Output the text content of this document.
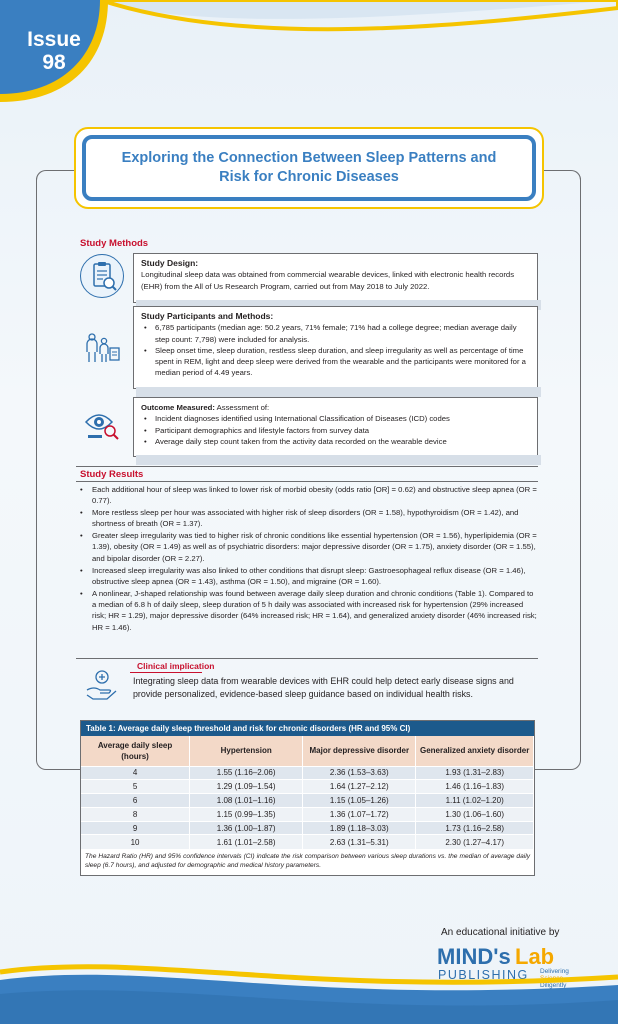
Issue
98
Exploring the Connection Between Sleep Patterns and Risk for Chronic Diseases
Study Methods
Study Design:
Longitudinal sleep data was obtained from commercial wearable devices, linked with electronic health records (EHR) from the All of Us Research Program, carried out from May 2018 to July 2022.
Study Participants and Methods:
• 6,785 participants (median age: 50.2 years, 71% female; 71% had a college degree; median average daily step count: 7,798) were included for analysis.
• Sleep onset time, sleep duration, restless sleep duration, and sleep irregularity as well as percentage of time spent in REM, light and deep sleep were derived from the wearable and the participants were monitored for a median period of 4.49 years.
Outcome Measured: Assessment of:
• Incident diagnoses identified using International Classification of Diseases (ICD) codes
• Participant demographics and lifestyle factors from survey data
• Average daily step count taken from the activity data recorded on the wearable device
Study Results
• Each additional hour of sleep was linked to lower risk of morbid obesity (odds ratio [OR] = 0.62) and obstructive sleep apnea (OR = 0.77).
• More restless sleep per hour was associated with higher risk of sleep disorders (OR = 1.58), hypothyroidism (OR = 1.42), and shortness of breath (OR = 1.37).
• Greater sleep irregularity was tied to higher risk of chronic conditions like essential hypertension (OR = 1.56), hyperlipidemia (OR = 1.39), obesity (OR = 1.49) as well as of psychiatric disorders: major depressive disorder (OR = 1.75), anxiety disorder (OR = 1.55), and bipolar disorder (OR = 2.27).
• Increased sleep irregularity was also linked to other conditions that disrupt sleep: Gastroesophageal reflux disease (OR = 1.46), obstructive sleep apnea (OR = 1.43), asthma (OR = 1.50), and migraine (OR = 1.60).
• A nonlinear, J-shaped relationship was found between average daily sleep duration and chronic conditions (Table 1). Compared to a median of 6.8 h of daily sleep, sleep duration of 5 h daily was associated with increased risk for hypertension (29% increased risk; HR = 1.29), major depressive disorder (64% increased risk; HR = 1.64), and generalized anxiety disorder (46% increased risk; HR = 1.46).
Clinical implication
Integrating sleep data from wearable devices with EHR could help detect early disease signs and provide personalized, evidence-based sleep guidance based on individual health risks.
Table 1: Average daily sleep threshold and risk for chronic disorders (HR and 95% CI)
Average daily sleep (hours)	Hypertension	Major depressive disorder	Generalized anxiety disorder
4	1.55 (1.16–2.06)	2.36 (1.53–3.63)	1.93 (1.31–2.83)
5	1.29 (1.09–1.54)	1.64 (1.27–2.12)	1.46 (1.16–1.83)
6	1.08 (1.01–1.16)	1.15 (1.05–1.26)	1.11 (1.02–1.20)
8	1.15 (0.99–1.35)	1.36 (1.07–1.72)	1.30 (1.06–1.60)
9	1.36 (1.00–1.87)	1.89 (1.18–3.03)	1.73 (1.16–2.58)
10	1.61 (1.01–2.58)	2.63 (1.31–5.31)	2.30 (1.27–4.17)
The Hazard Ratio (HR) and 95% confidence intervals (CI) indicate the risk comparison between various sleep durations vs. the median of average daily sleep (6.7 hours), and adjusted for demographic and medical history parameters.
An educational initiative by
MIND's Lab
PUBLISHING Delivering
Science
Diligently
